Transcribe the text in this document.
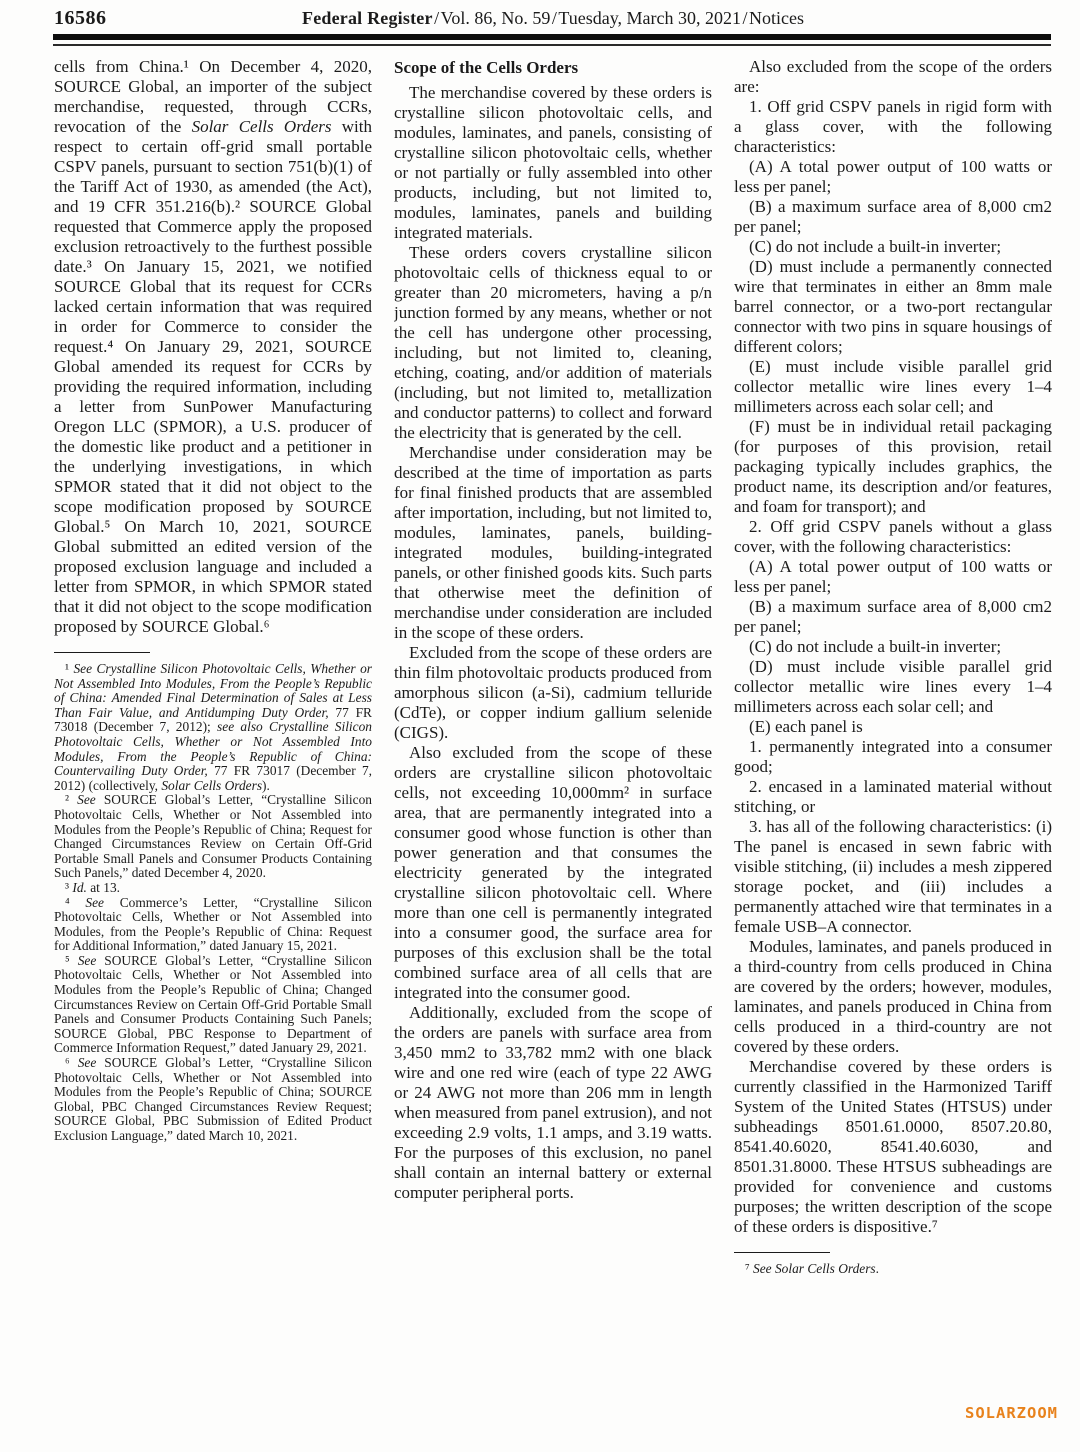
16586	Federal Register / Vol. 86, No. 59 / Tuesday, March 30, 2021 / Notices

cells from China.¹ On December 4, 2020, SOURCE Global, an importer of the subject merchandise, requested, through CCRs, revocation of the Solar Cells Orders with respect to certain off-grid small portable CSPV panels, pursuant to section 751(b)(1) of the Tariff Act of 1930, as amended (the Act), and 19 CFR 351.216(b).² SOURCE Global requested that Commerce apply the proposed exclusion retroactively to the furthest possible date.³ On January 15, 2021, we notified SOURCE Global that its request for CCRs lacked certain information that was required in order for Commerce to consider the request.⁴ On January 29, 2021, SOURCE Global amended its request for CCRs by providing the required information, including a letter from SunPower Manufacturing Oregon LLC (SPMOR), a U.S. producer of the domestic like product and a petitioner in the underlying investigations, in which SPMOR stated that it did not object to the scope modification proposed by SOURCE Global.⁵ On March 10, 2021, SOURCE Global submitted an edited version of the proposed exclusion language and included a letter from SPMOR, in which SPMOR stated that it did not object to the scope modification proposed by SOURCE Global.⁶

¹ See Crystalline Silicon Photovoltaic Cells, Whether or Not Assembled Into Modules, From the People’s Republic of China: Amended Final Determination of Sales at Less Than Fair Value, and Antidumping Duty Order, 77 FR 73018 (December 7, 2012); see also Crystalline Silicon Photovoltaic Cells, Whether or Not Assembled Into Modules, From the People’s Republic of China: Countervailing Duty Order, 77 FR 73017 (December 7, 2012) (collectively, Solar Cells Orders).

² See SOURCE Global’s Letter, “Crystalline Silicon Photovoltaic Cells, Whether or Not Assembled into Modules from the People’s Republic of China; Request for Changed Circumstances Review on Certain Off-Grid Portable Small Panels and Consumer Products Containing Such Panels,” dated December 4, 2020.

³ Id. at 13.

⁴ See Commerce’s Letter, “Crystalline Silicon Photovoltaic Cells, Whether or Not Assembled into Modules, from the People’s Republic of China: Request for Additional Information,” dated January 15, 2021.

⁵ See SOURCE Global’s Letter, “Crystalline Silicon Photovoltaic Cells, Whether or Not Assembled into Modules from the People’s Republic of China; Changed Circumstances Review on Certain Off-Grid Portable Small Panels and Consumer Products Containing Such Panels; SOURCE Global, PBC Response to Department of Commerce Information Request,” dated January 29, 2021.

⁶ See SOURCE Global’s Letter, “Crystalline Silicon Photovoltaic Cells, Whether or Not Assembled into Modules from the People’s Republic of China; SOURCE Global, PBC Changed Circumstances Review Request; SOURCE Global, PBC Submission of Edited Product Exclusion Language,” dated March 10, 2021.

Scope of the Cells Orders

The merchandise covered by these orders is crystalline silicon photovoltaic cells, and modules, laminates, and panels, consisting of crystalline silicon photovoltaic cells, whether or not partially or fully assembled into other products, including, but not limited to, modules, laminates, panels and building integrated materials.

These orders covers crystalline silicon photovoltaic cells of thickness equal to or greater than 20 micrometers, having a p/n junction formed by any means, whether or not the cell has undergone other processing, including, but not limited to, cleaning, etching, coating, and/or addition of materials (including, but not limited to, metallization and conductor patterns) to collect and forward the electricity that is generated by the cell.

Merchandise under consideration may be described at the time of importation as parts for final finished products that are assembled after importation, including, but not limited to, modules, laminates, panels, building-integrated modules, building-integrated panels, or other finished goods kits. Such parts that otherwise meet the definition of merchandise under consideration are included in the scope of these orders.

Excluded from the scope of these orders are thin film photovoltaic products produced from amorphous silicon (a-Si), cadmium telluride (CdTe), or copper indium gallium selenide (CIGS).

Also excluded from the scope of these orders are crystalline silicon photovoltaic cells, not exceeding 10,000mm² in surface area, that are permanently integrated into a consumer good whose function is other than power generation and that consumes the electricity generated by the integrated crystalline silicon photovoltaic cell. Where more than one cell is permanently integrated into a consumer good, the surface area for purposes of this exclusion shall be the total combined surface area of all cells that are integrated into the consumer good.

Additionally, excluded from the scope of the orders are panels with surface area from 3,450 mm2 to 33,782 mm2 with one black wire and one red wire (each of type 22 AWG or 24 AWG not more than 206 mm in length when measured from panel extrusion), and not exceeding 2.9 volts, 1.1 amps, and 3.19 watts. For the purposes of this exclusion, no panel shall contain an internal battery or external computer peripheral ports.

Also excluded from the scope of the orders are:

1. Off grid CSPV panels in rigid form with a glass cover, with the following characteristics:

(A) A total power output of 100 watts or less per panel;

(B) a maximum surface area of 8,000 cm2 per panel;

(C) do not include a built-in inverter;

(D) must include a permanently connected wire that terminates in either an 8mm male barrel connector, or a two-port rectangular connector with two pins in square housings of different colors;

(E) must include visible parallel grid collector metallic wire lines every 1–4 millimeters across each solar cell; and

(F) must be in individual retail packaging (for purposes of this provision, retail packaging typically includes graphics, the product name, its description and/or features, and foam for transport); and

2. Off grid CSPV panels without a glass cover, with the following characteristics:

(A) A total power output of 100 watts or less per panel;

(B) a maximum surface area of 8,000 cm2 per panel;

(C) do not include a built-in inverter;

(D) must include visible parallel grid collector metallic wire lines every 1–4 millimeters across each solar cell; and

(E) each panel is

1. permanently integrated into a consumer good;

2. encased in a laminated material without stitching, or

3. has all of the following characteristics: (i) The panel is encased in sewn fabric with visible stitching, (ii) includes a mesh zippered storage pocket, and (iii) includes a permanently attached wire that terminates in a female USB–A connector.

Modules, laminates, and panels produced in a third-country from cells produced in China are covered by the orders; however, modules, laminates, and panels produced in China from cells produced in a third-country are not covered by these orders.

Merchandise covered by these orders is currently classified in the Harmonized Tariff System of the United States (HTSUS) under subheadings 8501.61.0000, 8507.20.80, 8541.40.6020, 8541.40.6030, and 8501.31.8000. These HTSUS subheadings are provided for convenience and customs purposes; the written description of the scope of these orders is dispositive.⁷

⁷ See Solar Cells Orders.

SOLARZOOM
